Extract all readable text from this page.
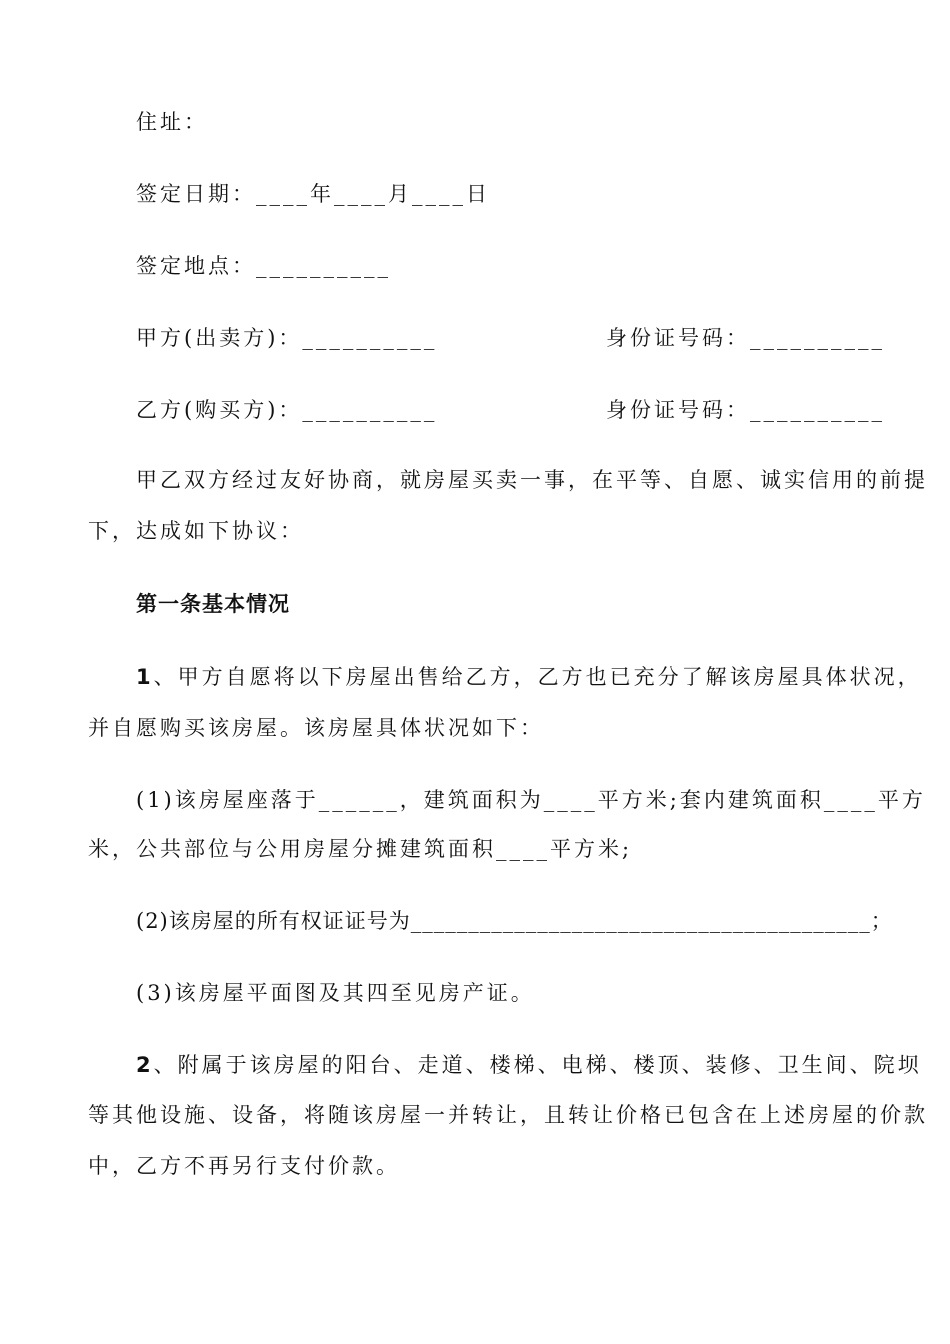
住址：
签定日期：____年____月____日
签定地点：__________
甲方(出卖方)：__________	身份证号码：__________
乙方(购买方)：__________	身份证号码：__________
甲乙双方经过友好协商，就房屋买卖一事，在平等、自愿、诚实信用的前提
下，达成如下协议：
第一条基本情况
1、甲方自愿将以下房屋出售给乙方，乙方也已充分了解该房屋具体状况，
并自愿购买该房屋。该房屋具体状况如下：
(1)该房屋座落于______，建筑面积为____平方米;套内建筑面积____平方
米，公共部位与公用房屋分摊建筑面积____平方米;
(2)该房屋的所有权证证号为________________________________________；
(3)该房屋平面图及其四至见房产证。
2、附属于该房屋的阳台、走道、楼梯、电梯、楼顶、装修、卫生间、院坝
等其他设施、设备，将随该房屋一并转让，且转让价格已包含在上述房屋的价款
中，乙方不再另行支付价款。
